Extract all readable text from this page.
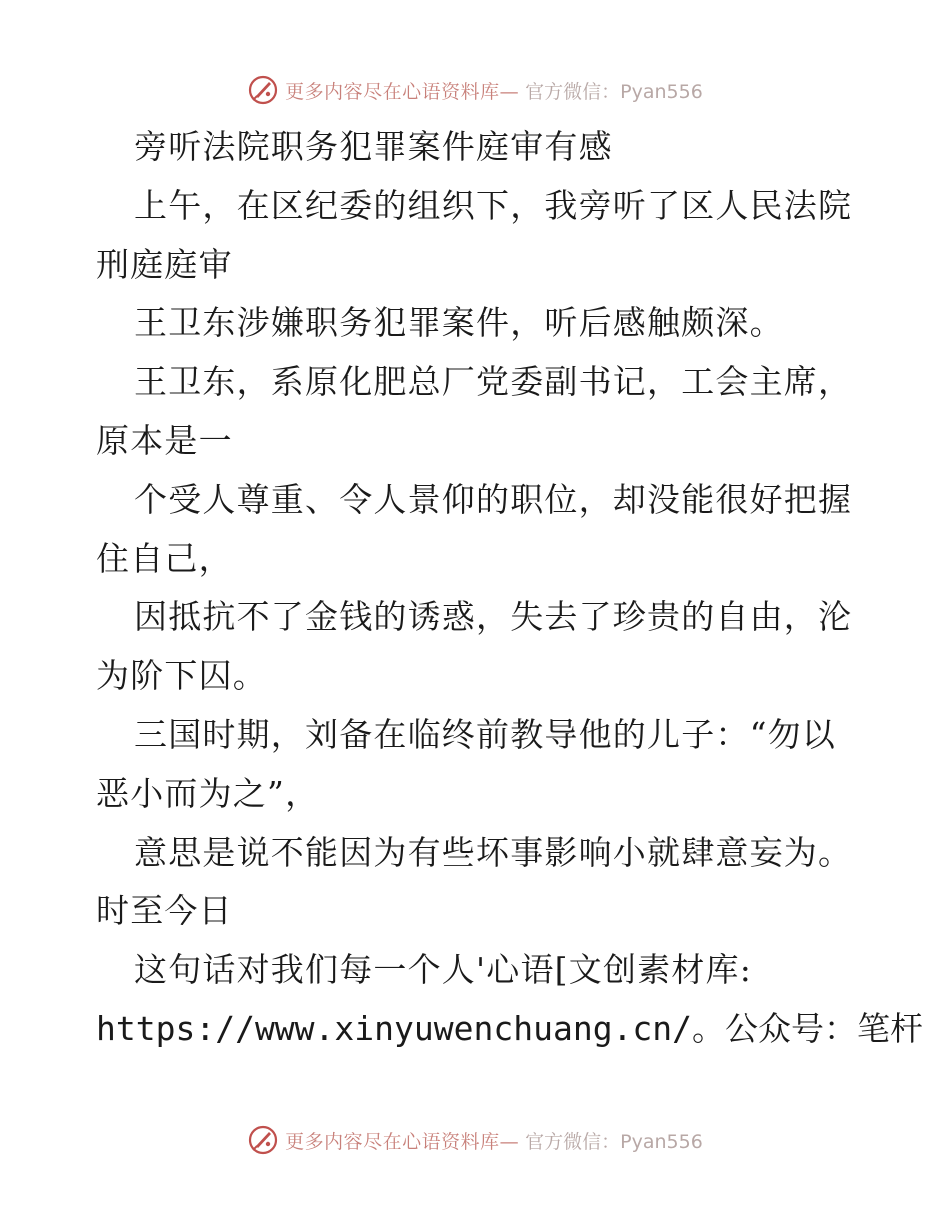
更多内容尽在心语资料库— 官方微信：Pyan556
旁听法院职务犯罪案件庭审有感
上午，在区纪委的组织下，我旁听了区人民法院
刑庭庭审
王卫东涉嫌职务犯罪案件，听后感触颇深。
王卫东，系原化肥总厂党委副书记，工会主席，
原本是一
个受人尊重、令人景仰的职位，却没能很好把握
住自己，
因抵抗不了金钱的诱惑，失去了珍贵的自由，沦
为阶下囚。
三国时期，刘备在临终前教导他的儿子：“勿以
恶小而为之”，
意思是说不能因为有些坏事影响小就肆意妄为。
时至今日
这句话对我们每一个人'心语[文创素材库:
https://www.xinyuwenchuang.cn/。公众号：笔杆
更多内容尽在心语资料库— 官方微信：Pyan556
